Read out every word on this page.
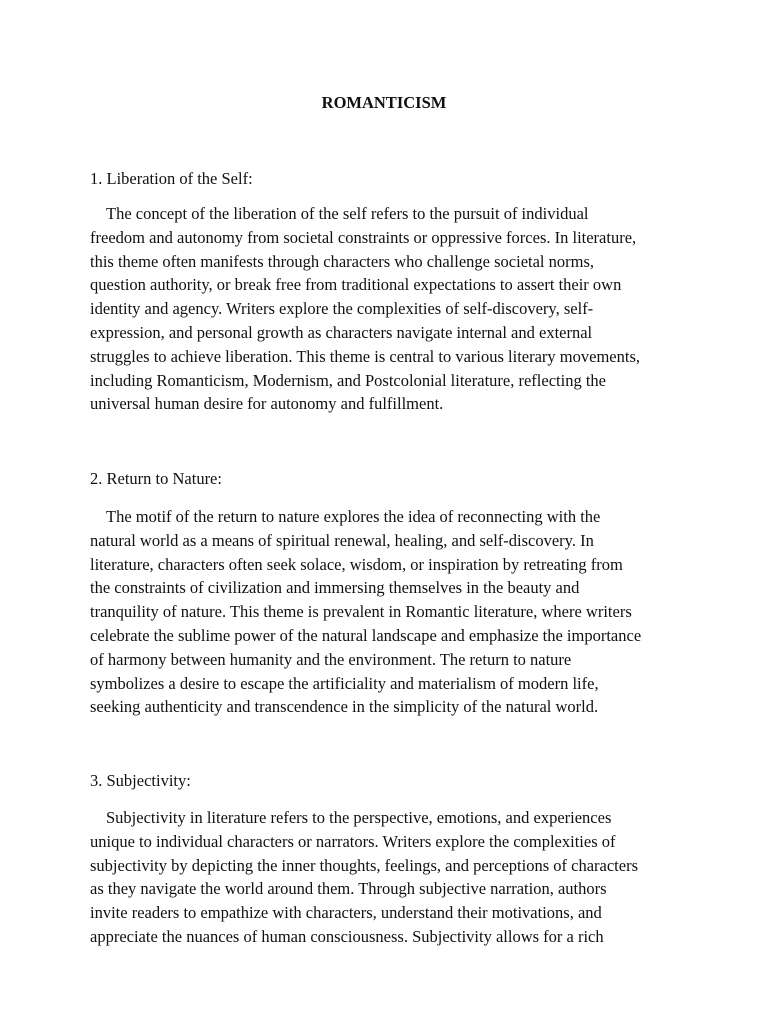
ROMANTICISM
1. Liberation of the Self:
The concept of the liberation of the self refers to the pursuit of individual
freedom and autonomy from societal constraints or oppressive forces. In literature,
this theme often manifests through characters who challenge societal norms,
question authority, or break free from traditional expectations to assert their own
identity and agency. Writers explore the complexities of self-discovery, self-
expression, and personal growth as characters navigate internal and external
struggles to achieve liberation. This theme is central to various literary movements,
including Romanticism, Modernism, and Postcolonial literature, reflecting the
universal human desire for autonomy and fulfillment.
2. Return to Nature:
The motif of the return to nature explores the idea of reconnecting with the
natural world as a means of spiritual renewal, healing, and self-discovery. In
literature, characters often seek solace, wisdom, or inspiration by retreating from
the constraints of civilization and immersing themselves in the beauty and
tranquility of nature. This theme is prevalent in Romantic literature, where writers
celebrate the sublime power of the natural landscape and emphasize the importance
of harmony between humanity and the environment. The return to nature
symbolizes a desire to escape the artificiality and materialism of modern life,
seeking authenticity and transcendence in the simplicity of the natural world.
3. Subjectivity:
Subjectivity in literature refers to the perspective, emotions, and experiences
unique to individual characters or narrators. Writers explore the complexities of
subjectivity by depicting the inner thoughts, feelings, and perceptions of characters
as they navigate the world around them. Through subjective narration, authors
invite readers to empathize with characters, understand their motivations, and
appreciate the nuances of human consciousness. Subjectivity allows for a rich
